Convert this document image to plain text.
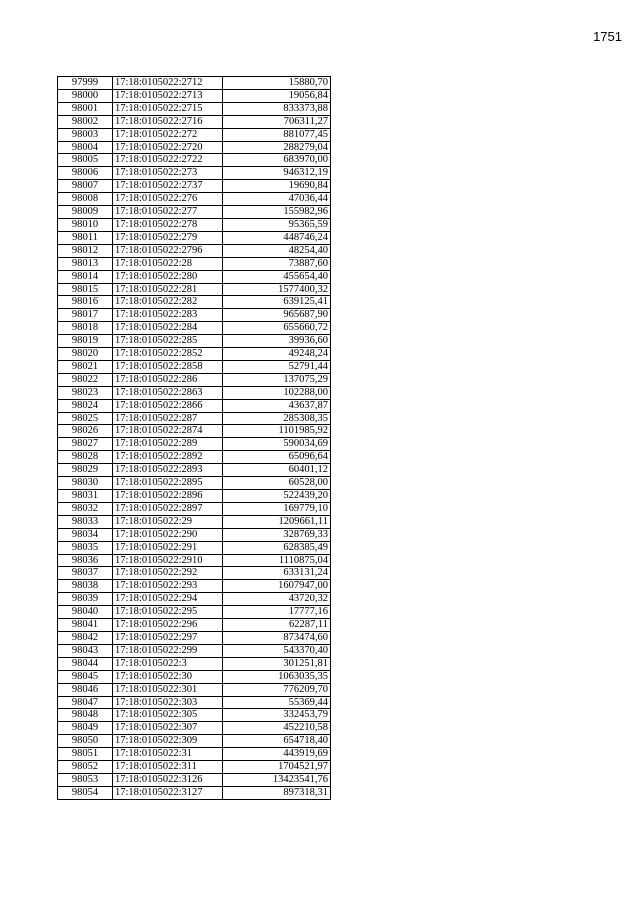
1751
97999	17:18:0105022:2712	15880,70
98000	17:18:0105022:2713	19056,84
98001	17:18:0105022:2715	833373,88
98002	17:18:0105022:2716	706311,27
98003	17:18:0105022:272	881077,45
98004	17:18:0105022:2720	288279,04
98005	17:18:0105022:2722	683970,00
98006	17:18:0105022:273	946312,19
98007	17:18:0105022:2737	19690,84
98008	17:18:0105022:276	47036,44
98009	17:18:0105022:277	155982,96
98010	17:18:0105022:278	95365,59
98011	17:18:0105022:279	448746,24
98012	17:18:0105022:2796	48254,40
98013	17:18:0105022:28	73887,60
98014	17:18:0105022:280	455654,40
98015	17:18:0105022:281	1577400,32
98016	17:18:0105022:282	639125,41
98017	17:18:0105022:283	965687,90
98018	17:18:0105022:284	655660,72
98019	17:18:0105022:285	39936,60
98020	17:18:0105022:2852	49248,24
98021	17:18:0105022:2858	52791,44
98022	17:18:0105022:286	137075,29
98023	17:18:0105022:2863	102288,00
98024	17:18:0105022:2866	43637,87
98025	17:18:0105022:287	285308,35
98026	17:18:0105022:2874	1101985,92
98027	17:18:0105022:289	590034,69
98028	17:18:0105022:2892	65096,64
98029	17:18:0105022:2893	60401,12
98030	17:18:0105022:2895	60528,00
98031	17:18:0105022:2896	522439,20
98032	17:18:0105022:2897	169779,10
98033	17:18:0105022:29	1209661,11
98034	17:18:0105022:290	328769,33
98035	17:18:0105022:291	628385,49
98036	17:18:0105022:2910	1110875,04
98037	17:18:0105022:292	633131,24
98038	17:18:0105022:293	1607947,00
98039	17:18:0105022:294	43720,32
98040	17:18:0105022:295	17777,16
98041	17:18:0105022:296	62287,11
98042	17:18:0105022:297	873474,60
98043	17:18:0105022:299	543370,40
98044	17:18:0105022:3	301251,81
98045	17:18:0105022:30	1063035,35
98046	17:18:0105022:301	776209,70
98047	17:18:0105022:303	55369,44
98048	17:18:0105022:305	332453,79
98049	17:18:0105022:307	452210,58
98050	17:18:0105022:309	654718,40
98051	17:18:0105022:31	443919,69
98052	17:18:0105022:311	1704521,97
98053	17:18:0105022:3126	13423541,76
98054	17:18:0105022:3127	897318,31
